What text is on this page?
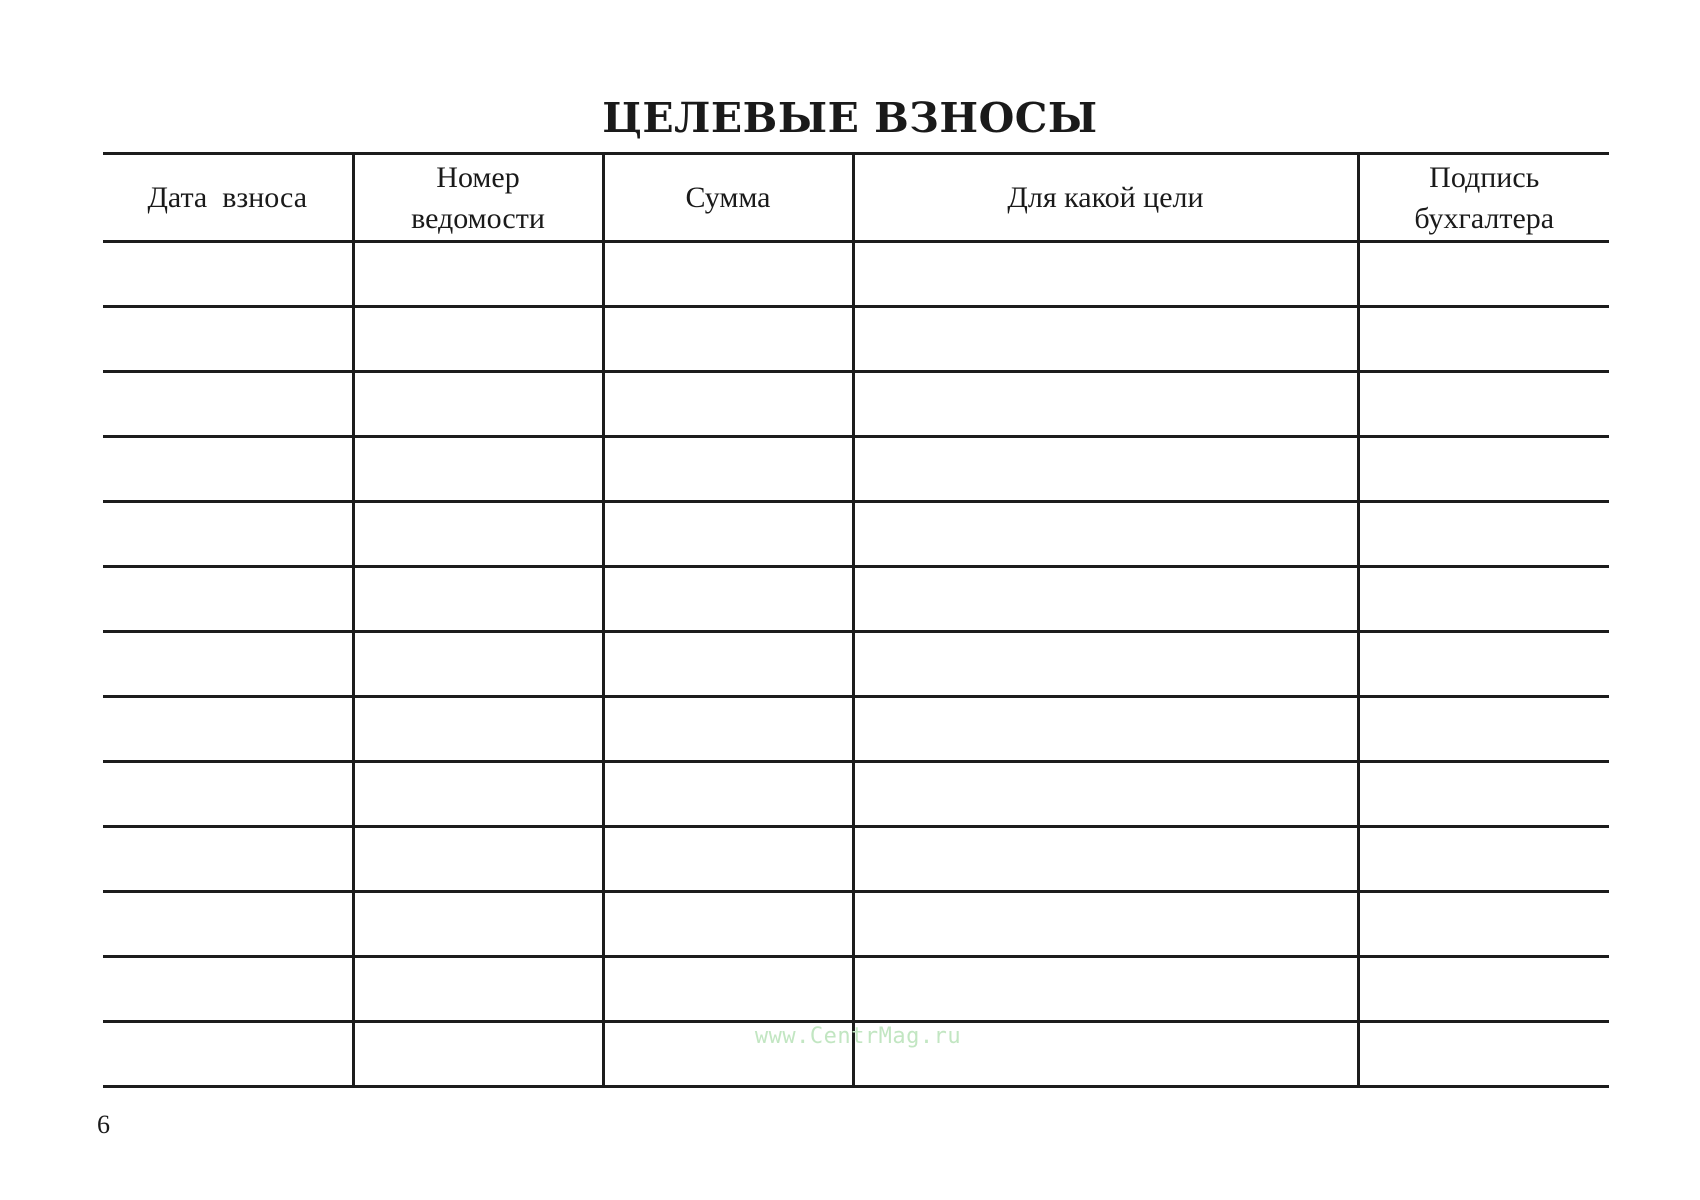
ЦЕЛЕВЫЕ ВЗНОСЫ
Дата  взноса	Номер ведомости	Сумма	Для какой цели	Подпись бухгалтера

www.CentrMag.ru
6
